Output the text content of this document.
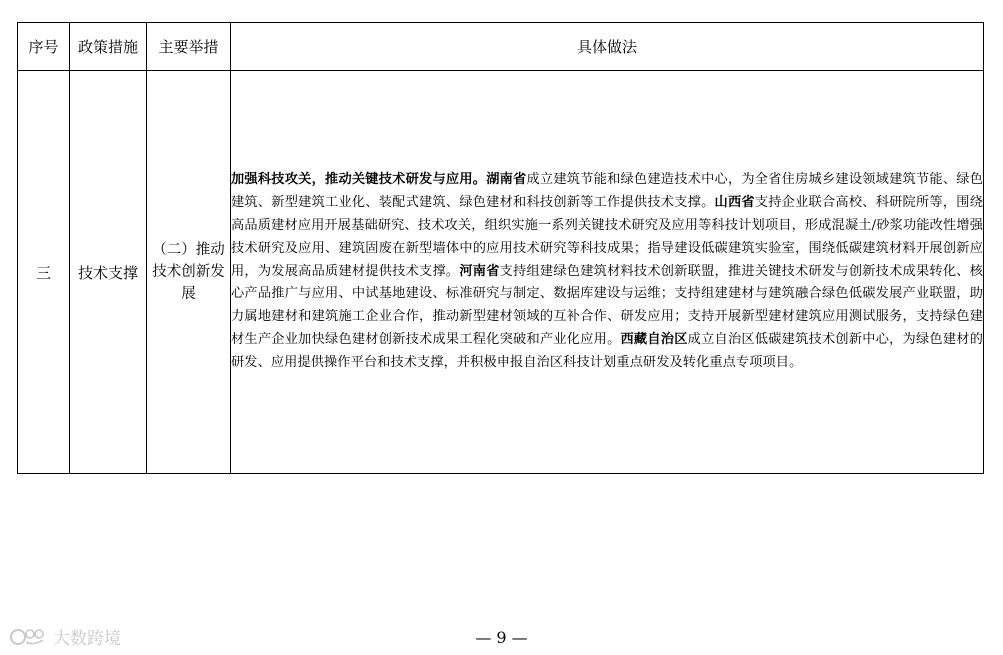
序号	政策措施	主要举措	具体做法
三	技术支撑	（二）推动技术创新发展	加强科技攻关，推动关键技术研发与应用。湖南省成立建筑节能和绿色建造技术中心，为全省住房城乡建设领域建筑节能、绿色建筑、新型建筑工业化、装配式建筑、绿色建材和科技创新等工作提供技术支撑。山西省支持企业联合高校、科研院所等，围绕高品质建材应用开展基础研究、技术攻关，组织实施一系列关键技术研究及应用等科技计划项目，形成混凝土/砂浆功能改性增强技术研究及应用、建筑固废在新型墙体中的应用技术研究等科技成果；指导建设低碳建筑实验室，围绕低碳建筑材料开展创新应用，为发展高品质建材提供技术支撑。河南省支持组建绿色建筑材料技术创新联盟，推进关键技术研发与创新技术成果转化、核心产品推广与应用、中试基地建设、标准研究与制定、数据库建设与运维；支持组建建材与建筑融合绿色低碳发展产业联盟，助力属地建材和建筑施工企业合作，推动新型建材领域的互补合作、研发应用；支持开展新型建材建筑应用测试服务，支持绿色建材生产企业加快绿色建材创新技术成果工程化突破和产业化应用。西藏自治区成立自治区低碳建筑技术创新中心，为绿色建材的研发、应用提供操作平台和技术支撑，并积极申报自治区科技计划重点研发及转化重点专项项目。
— 9 —
大数跨境
